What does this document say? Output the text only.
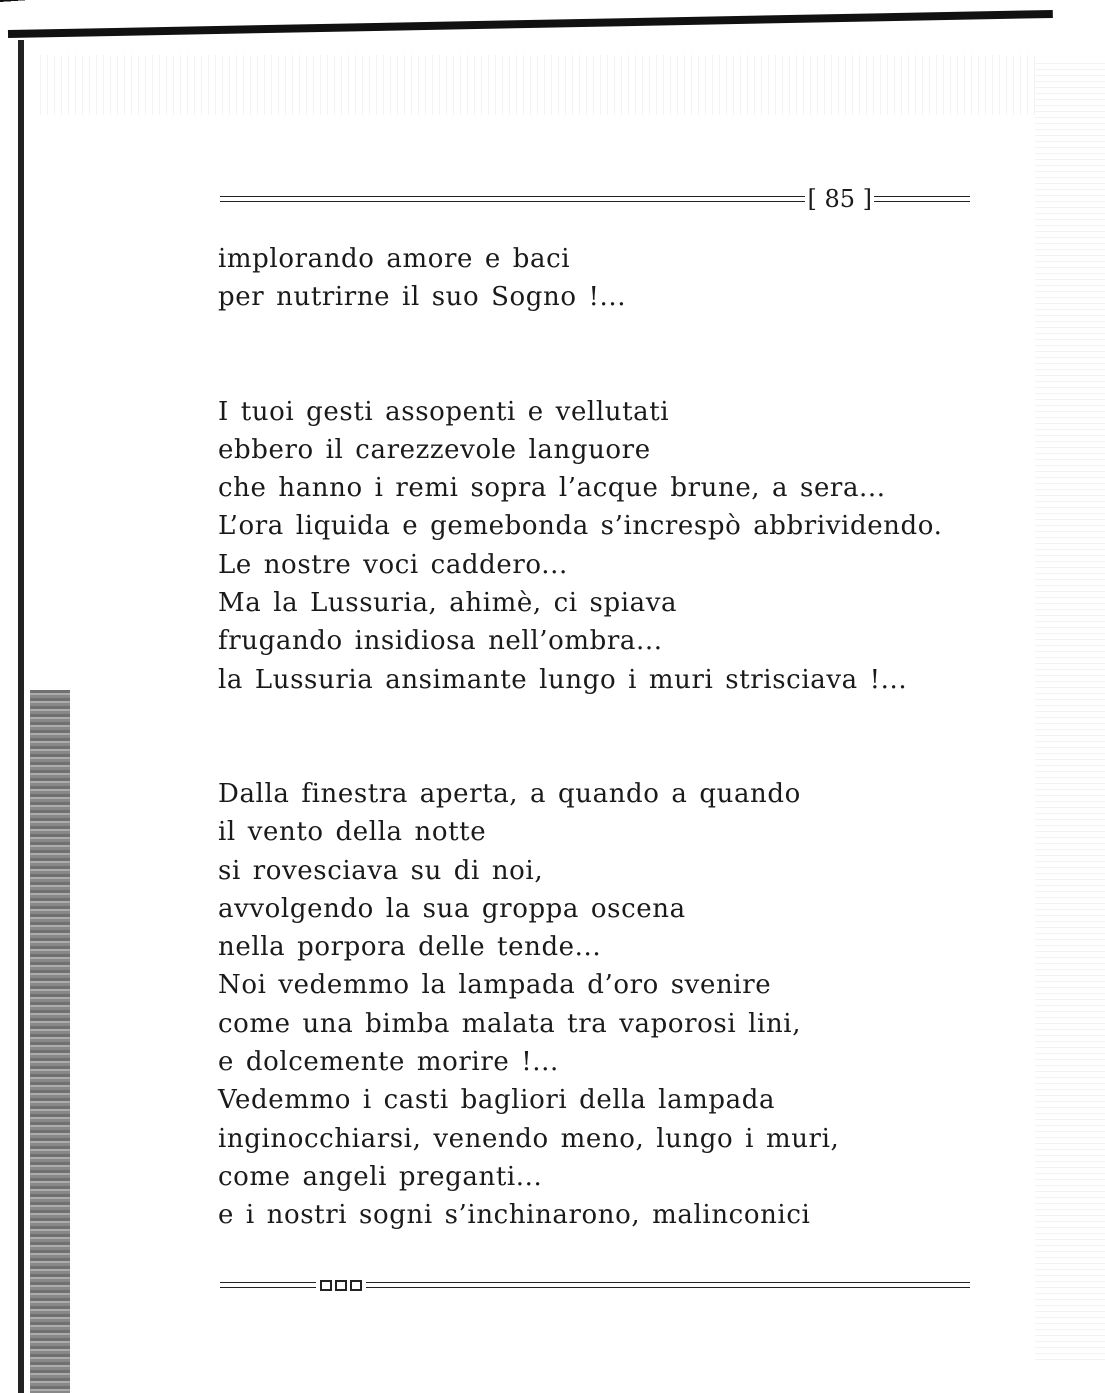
[ 85 ]
implorando amore e baci
per nutrirne il suo Sogno !...
I tuoi gesti assopenti e vellutati
ebbero il carezzevole languore
che hanno i remi sopra l’acque brune, a sera...
L’ora liquida e gemebonda s’increspò abbrividendo.
Le nostre voci caddero...
Ma la Lussuria, ahimè, ci spiava
frugando insidiosa nell’ombra...
la Lussuria ansimante lungo i muri strisciava !...
Dalla finestra aperta, a quando a quando
il vento della notte
si rovesciava su di noi,
avvolgendo la sua groppa oscena
nella porpora delle tende...
Noi vedemmo la lampada d’oro svenire
come una bimba malata tra vaporosi lini,
e dolcemente morire !...
Vedemmo i casti bagliori della lampada
inginocchiarsi, venendo meno, lungo i muri,
come angeli preganti...
e i nostri sogni s’inchinarono, malinconici
